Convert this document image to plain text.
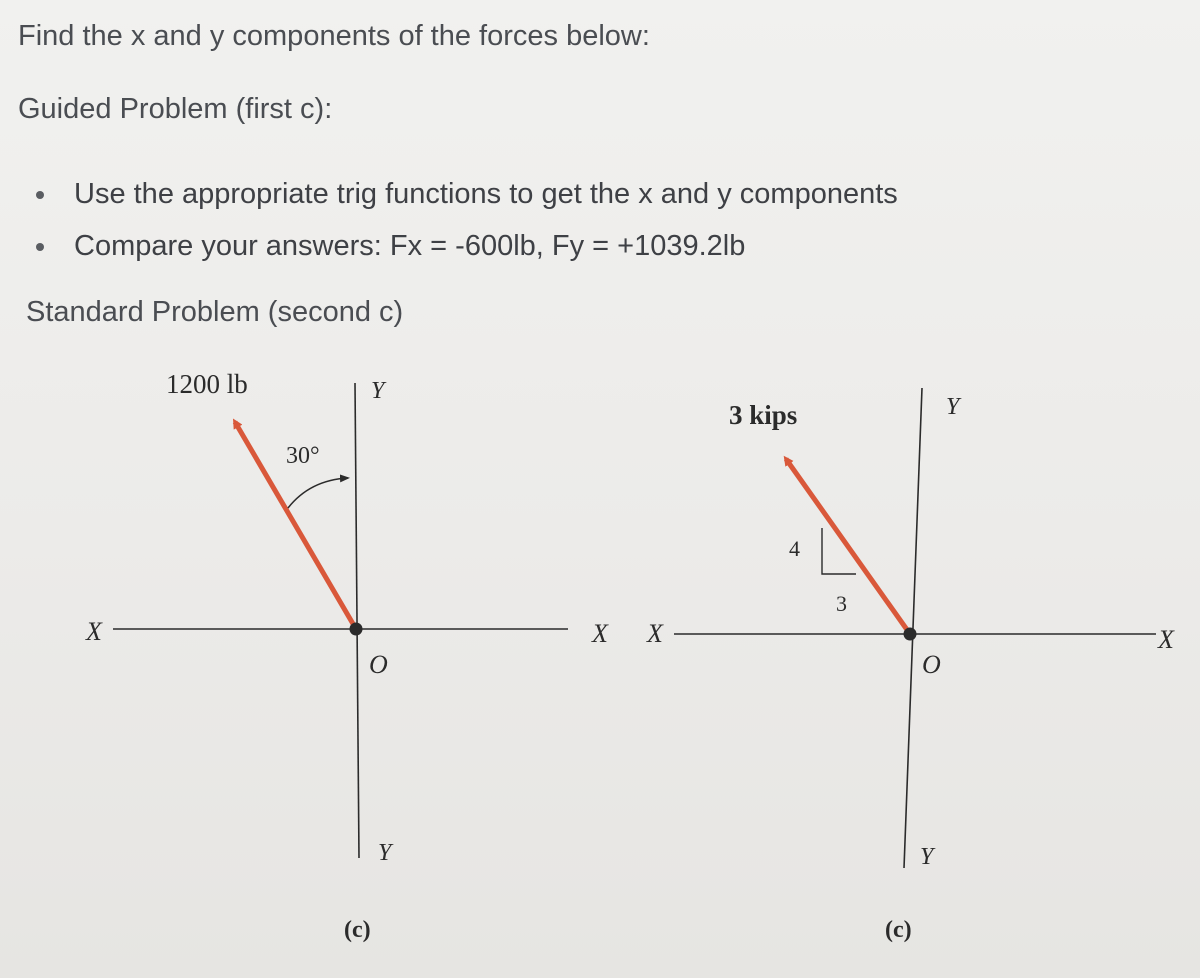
Find the x and y components of the forces below:
Guided Problem (first c):
Use the appropriate trig functions to get the x and y components
Compare your answers: Fx = -600lb, Fy = +1039.2lb
Standard Problem (second c)
1200 lb
30°
Y
X	X
O
Y
(c)
3 kips
4
3
Y
X	X
O
Y
(c)
